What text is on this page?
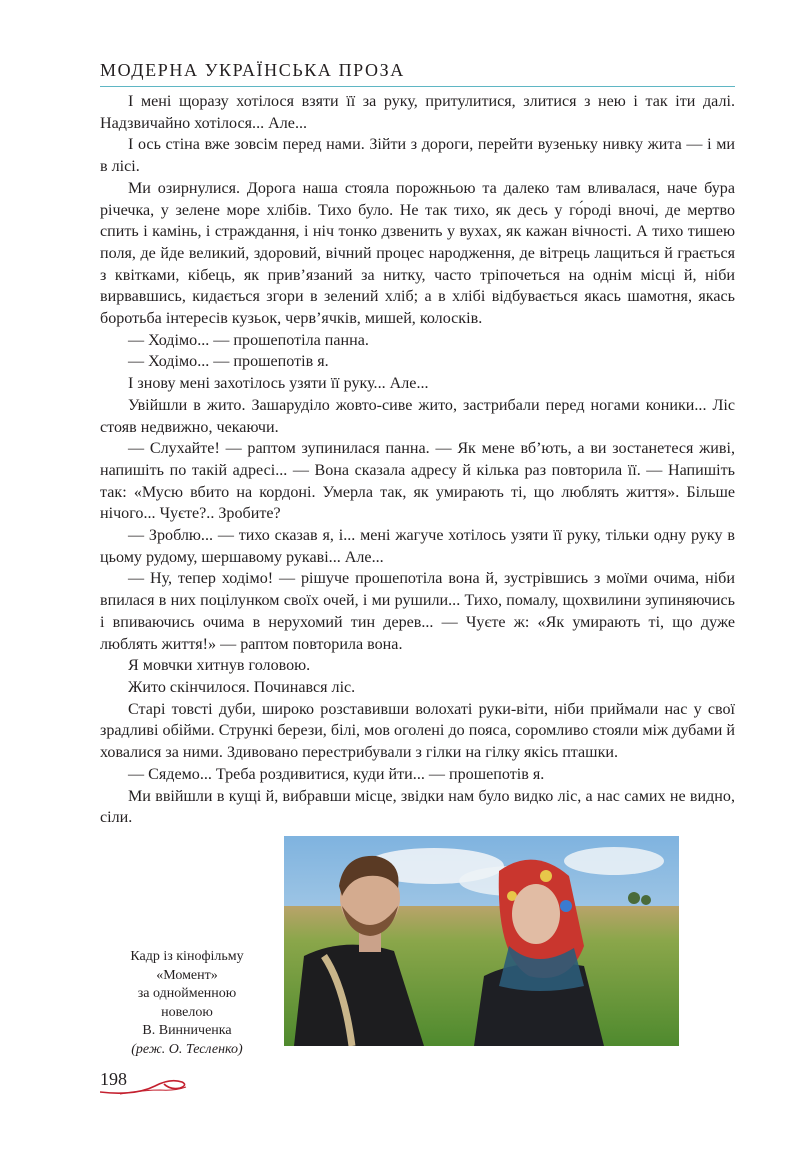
МОДЕРНА УКРАЇНСЬКА ПРОЗА

І мені щоразу хотілося взяти її за руку, притулитися, злитися з нею і так іти далі. Надзвичайно хотілося... Але...

І ось стіна вже зовсім перед нами. Зійти з дороги, перейти вузеньку нивку жита — і ми в лісі.

Ми озирнулися. Дорога наша стояла порожньою та далеко там вливалася, наче бура річечка, у зелене море хлібів. Тихо було. Не так тихо, як десь у го́роді вночі, де мертво спить і камінь, і страждання, і ніч тонко дзвенить у вухах, як кажан вічності. А тихо тишею поля, де йде великий, здоровий, вічний процес народження, де вітрець лащиться й грається з квітками, кібець, як прив’язаний за нитку, часто тріпочеться на однім місці й, ніби вирвавшись, кидається згори в зелений хліб; а в хлібі відбувається якась шамотня, якась боротьба інтересів кузьок, черв’ячків, мишей, колосків.

— Ходімо... — прошепотіла панна.

— Ходімо... — прошепотів я.

І знову мені захотілось узяти її руку... Але...

Увійшли в жито. Зашаруділо жовто-сиве жито, застрибали перед ногами коники... Ліс стояв недвижно, чекаючи.

— Слухайте! — раптом зупинилася панна. — Як мене вб’ють, а ви зостанетеся живі, напишіть по такій адресі... — Вона сказала адресу й кілька раз повторила її. — Напишіть так: «Мусю вбито на кордоні. Умерла так, як умирають ті, що люблять життя». Більше нічого... Чуєте?.. Зробите?

— Зроблю... — тихо сказав я, і... мені жагуче хотілось узяти її руку, тільки одну руку в цьому рудому, шершавому рукаві... Але...

— Ну, тепер ходімо! — рішуче прошепотіла вона й, зустрівшись з моїми очима, ніби впилася в них поцілунком своїх очей, і ми рушили... Тихо, помалу, щохвилини зупиняючись і впиваючись очима в нерухомий тин дерев... — Чуєте ж: «Як умирають ті, що дуже люблять життя!» — раптом повторила вона.

Я мовчки хитнув головою.

Жито скінчилося. Починався ліс.

Старі товсті дуби, широко розставивши волохаті руки-віти, ніби приймали нас у свої зрадливі обійми. Стрункі берези, білі, мов оголені до пояса, соромливо стояли між дубами й ховалися за ними. Здивовано перестрибували з гілки на гілку якісь пташки.

— Сядемо... Треба роздивитися, куди йти... — прошепотів я.

Ми ввійшли в кущі й, вибравши місце, звідки нам було видко ліс, а нас самих не видно, сіли.

Кадр із кінофільму
«Момент»
за однойменною
новелою
В. Винниченка
(реж. О. Тесленко)
198
